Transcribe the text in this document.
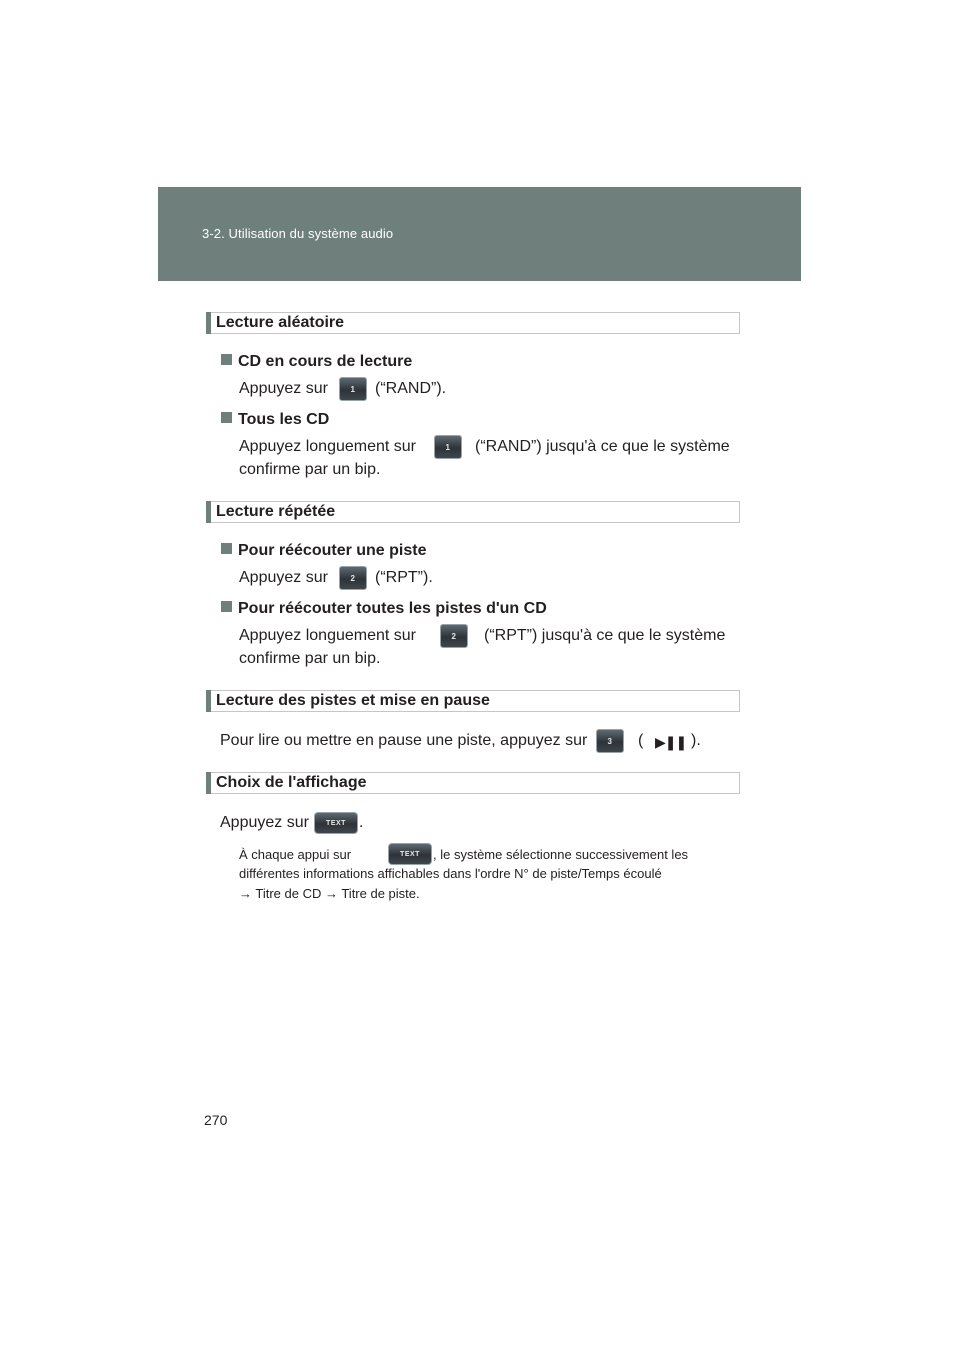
3-2. Utilisation du système audio
Lecture aléatoire
CD en cours de lecture
Appuyez sur	1	(“RAND”).
Tous les CD
Appuyez longuement sur	1	(“RAND”) jusqu'à ce que le système
confirme par un bip.
Lecture répétée
Pour réécouter une piste
Appuyez sur	2	(“RPT”).
Pour réécouter toutes les pistes d'un CD
Appuyez longuement sur	2	(“RPT”) jusqu'à ce que le système
confirme par un bip.
Lecture des pistes et mise en pause
Pour lire ou mettre en pause une piste, appuyez sur	3	( ▶❚❚ ).
Choix de l'affichage
Appuyez sur	TEXT .
À chaque appui sur	TEXT	, le système sélectionne successivement les
différentes informations affichables dans l'ordre N° de piste/Temps écoulé
→ Titre de CD → Titre de piste.
270
